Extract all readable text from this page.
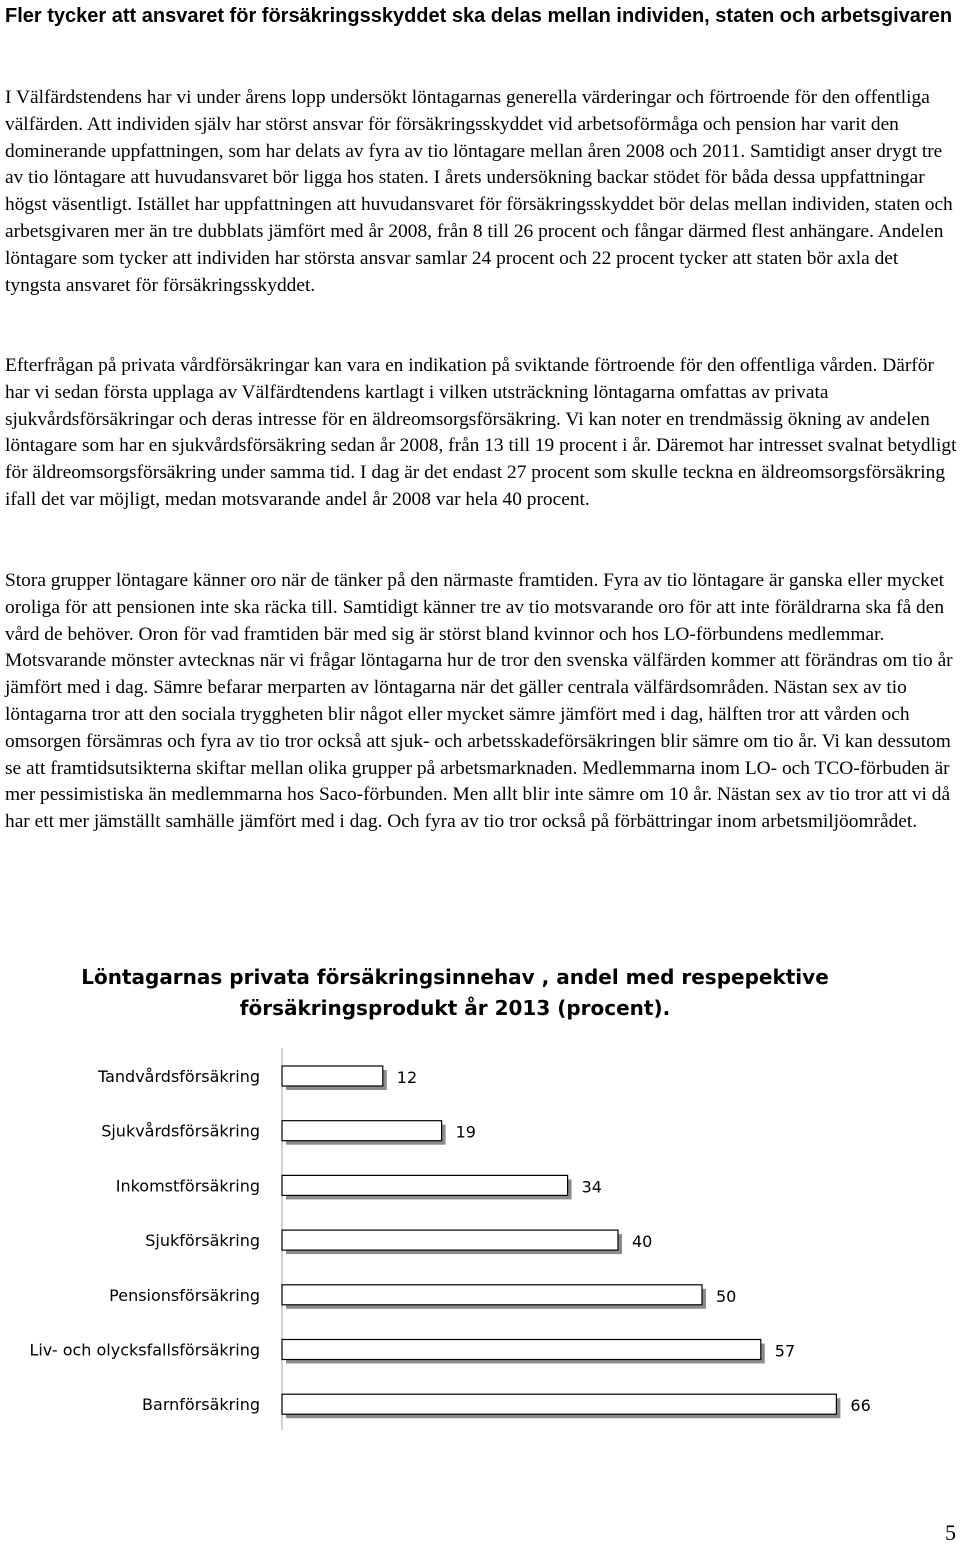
Fler tycker att ansvaret för försäkringsskyddet ska delas mellan individen, staten och arbetsgivaren

I Välfärdstendens har vi under årens lopp undersökt löntagarnas generella värderingar och förtroende för den offentliga välfärden. Att individen själv har störst ansvar för försäkringsskyddet vid arbetsoförmåga och pension har varit den dominerande uppfattningen, som har delats av fyra av tio löntagare mellan åren 2008 och 2011. Samtidigt anser drygt tre av tio löntagare att huvudansvaret bör ligga hos staten. I årets undersökning backar stödet för båda dessa uppfattningar högst väsentligt. Istället har uppfattningen att huvudansvaret för försäkringsskyddet bör delas mellan individen, staten och arbetsgivaren mer än tre dubblats jämfört med år 2008, från 8 till 26 procent och fångar därmed flest anhängare. Andelen löntagare som tycker att individen har största ansvar samlar 24 procent och 22 procent tycker att staten bör axla det tyngsta ansvaret för försäkringsskyddet.

Efterfrågan på privata vårdförsäkringar kan vara en indikation på sviktande förtroende för den offentliga vården. Därför har vi sedan första upplaga av Välfärdtendens kartlagt i vilken utsträckning löntagarna omfattas av privata sjukvårdsförsäkringar och deras intresse för en äldreomsorgsförsäkring. Vi kan noter en trendmässig ökning av andelen löntagare som har en sjukvårdsförsäkring sedan år 2008, från 13 till 19 procent i år. Däremot har intresset svalnat betydligt för äldreomsorgsförsäkring under samma tid. I dag är det endast 27 procent som skulle teckna en äldreomsorgsförsäkring ifall det var möjligt, medan motsvarande andel år 2008 var hela 40 procent.

Stora grupper löntagare känner oro när de tänker på den närmaste framtiden. Fyra av tio löntagare är ganska eller mycket oroliga för att pensionen inte ska räcka till. Samtidigt känner tre av tio motsvarande oro för att inte föräldrarna ska få den vård de behöver. Oron för vad framtiden bär med sig är störst bland kvinnor och hos LO-förbundens medlemmar. Motsvarande mönster avtecknas när vi frågar löntagarna hur de tror den svenska välfärden kommer att förändras om tio år jämfört med i dag. Sämre befarar merparten av löntagarna när det gäller centrala välfärdsområden. Nästan sex av tio löntagarna tror att den sociala tryggheten blir något eller mycket sämre jämfört med i dag, hälften tror att vården och omsorgen försämras och fyra av tio tror också att sjuk- och arbetsskadeförsäkringen blir sämre om tio år. Vi kan dessutom se att framtidsutsikterna skiftar mellan olika grupper på arbetsmarknaden. Medlemmarna inom LO- och TCO-förbuden är mer pessimistiska än medlemmarna hos Saco-förbunden. Men allt blir inte sämre om 10 år. Nästan sex av tio tror att vi då har ett mer jämställt samhälle jämfört med i dag. Och fyra av tio tror också på förbättringar inom arbetsmiljöområdet.

Löntagarnas privata försäkringsinnehav , andel med respepektive
försäkringsprodukt år 2013 (procent).
Tandvårdsförsäkring	12
Sjukvårdsförsäkring	19
Inkomstförsäkring	34
Sjukförsäkring	40
Pensionsförsäkring	50
Liv- och olycksfallsförsäkring	57
Barnförsäkring	66
5
